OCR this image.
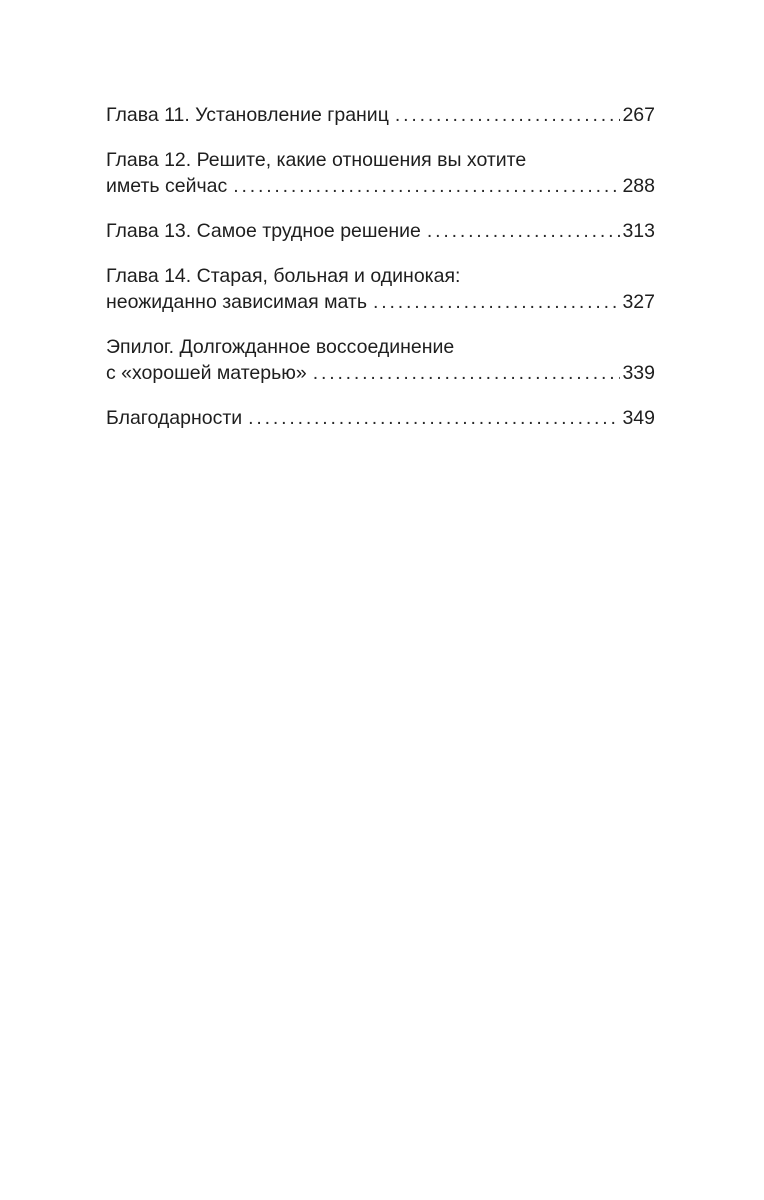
Глава 11. Установление границ . . .	267
Глава 12. Решите, какие отношения вы хотите
иметь сейчас . . .	288
Глава 13. Самое трудное решение . . .	313
Глава 14. Старая, больная и одинокая:
неожиданно зависимая мать . . .	327
Эпилог. Долгожданное воссоединение
с «хорошей матерью» . . .	339
Благодарности . . .	349
